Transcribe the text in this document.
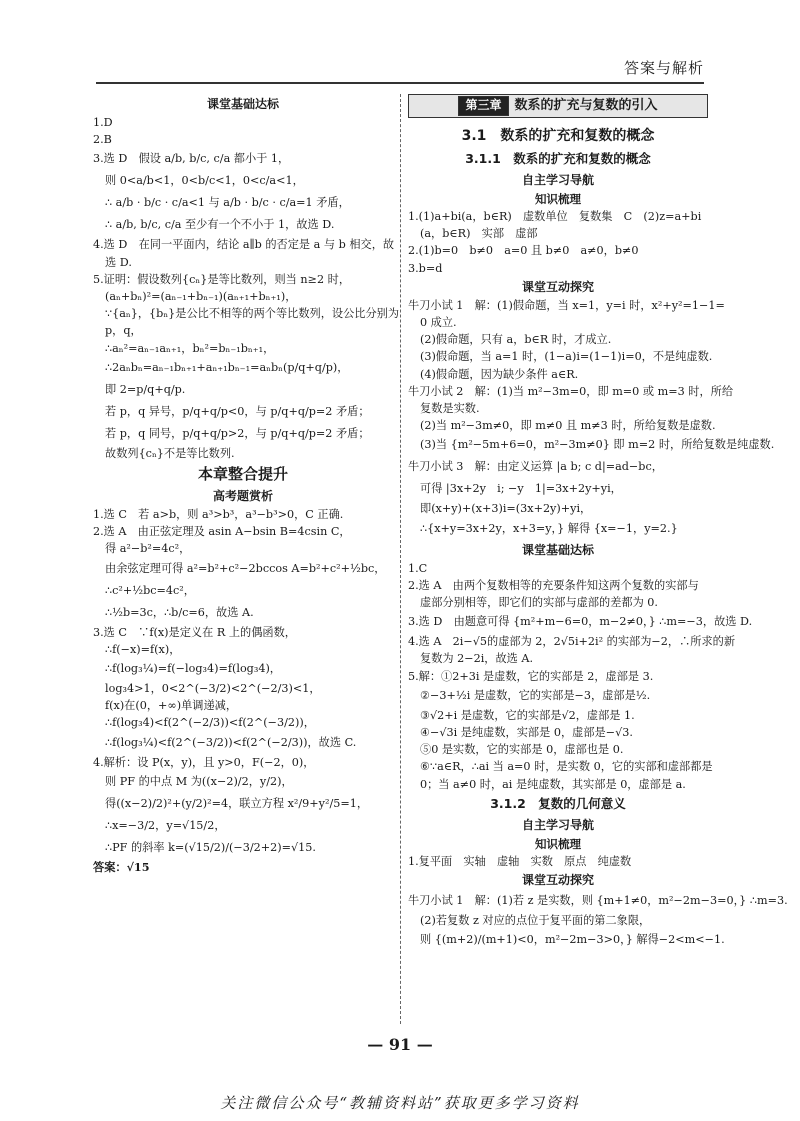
答案与解析
课堂基础达标
1.D
2.B
3.选 D　假设 a/b, b/c, c/a 都小于 1，
则 0<a/b<1，0<b/c<1，0<c/a<1，
∴ a/b · b/c · c/a<1 与 a/b · b/c · c/a=1 矛盾，
∴ a/b, b/c, c/a 至少有一个不小于 1，故选 D.
4.选 D　在同一平面内，结论 a∥b 的否定是 a 与 b 相交，故
选 D.
5.证明：假设数列{cₙ}是等比数列，则当 n≥2 时，
(aₙ+bₙ)²=(aₙ₋₁+bₙ₋₁)(aₙ₊₁+bₙ₊₁)，
∵{aₙ}，{bₙ}是公比不相等的两个等比数列，设公比分别为
p，q，
∴aₙ²=aₙ₋₁aₙ₊₁，bₙ²=bₙ₋₁bₙ₊₁，
∴2aₙbₙ=aₙ₋₁bₙ₊₁+aₙ₊₁bₙ₋₁=aₙbₙ(p/q+q/p)，
即 2=p/q+q/p.
若 p，q 异号，p/q+q/p<0，与 p/q+q/p=2 矛盾；
若 p，q 同号，p/q+q/p>2，与 p/q+q/p=2 矛盾；
故数列{cₙ}不是等比数列.
本章整合提升
高考题赏析
1.选 C　若 a>b，则 a³>b³，a³−b³>0，C 正确.
2.选 A　由正弦定理及 asin A−bsin B=4csin C，
得 a²−b²=4c²，
由余弦定理可得 a²=b²+c²−2bccos A=b²+c²+½bc，
∴c²+½bc=4c²，
∴½b=3c，∴b/c=6，故选 A.
3.选 C　∵f(x)是定义在 R 上的偶函数，
∴f(−x)=f(x)，
∴f(log₃¼)=f(−log₃4)=f(log₃4)，
log₃4>1，0<2^(−3/2)<2^(−2/3)<1，
f(x)在(0，+∞)单调递减，
∴f(log₃4)<f(2^(−2/3))<f(2^(−3/2))，
∴f(log₃¼)<f(2^(−3/2))<f(2^(−2/3))，故选 C.
4.解析：设 P(x，y)，且 y>0，F(−2，0)，
则 PF 的中点 M 为((x−2)/2，y/2)，
得((x−2)/2)²+(y/2)²=4，联立方程 x²/9+y²/5=1，
∴x=−3/2，y=√15/2，
∴PF 的斜率 k=(√15/2)/(−3/2+2)=√15.
答案：√15
第三章	数系的扩充与复数的引入
3.1　数系的扩充和复数的概念
3.1.1　数系的扩充和复数的概念
自主学习导航
知识梳理
1.(1)a+bi(a，b∈R)　虚数单位　复数集　C　(2)z=a+bi
(a，b∈R)　实部　虚部
2.(1)b=0　b≠0　a=0 且 b≠0　a≠0，b≠0
3.b=d
课堂互动探究
牛刀小试 1　解：(1)假命题，当 x=1，y=i 时，x²+y²=1−1=
0 成立.
(2)假命题，只有 a，b∈R 时，才成立.
(3)假命题，当 a=1 时，(1−a)i=(1−1)i=0，不是纯虚数.
(4)假命题，因为缺少条件 a∈R.
牛刀小试 2　解：(1)当 m²−3m=0，即 m=0 或 m=3 时，所给
复数是实数.
(2)当 m²−3m≠0，即 m≠0 且 m≠3 时，所给复数是虚数.
(3)当 {m²−5m+6=0，m²−3m≠0} 即 m=2 时，所给复数是纯虚数.
牛刀小试 3　解：由定义运算 |a b; c d|=ad−bc，
可得 |3x+2y　i; −y　1|=3x+2y+yi，
即(x+y)+(x+3)i=(3x+2y)+yi，
∴{x+y=3x+2y，x+3=y，} 解得 {x=−1，y=2.}
课堂基础达标
1.C
2.选 A　由两个复数相等的充要条件知这两个复数的实部与
虚部分别相等，即它们的实部与虚部的差都为 0.
3.选 D　由题意可得 {m²+m−6=0，m−2≠0，} ∴m=−3，故选 D.
4.选 A　2i−√5的虚部为 2，2√5i+2i² 的实部为−2，∴所求的新
复数为 2−2i，故选 A.
5.解：①2+3i 是虚数，它的实部是 2，虚部是 3.
②−3+½i 是虚数，它的实部是−3，虚部是½.
③√2+i 是虚数，它的实部是√2，虚部是 1.
④−√3i 是纯虚数，实部是 0，虚部是−√3.
⑤0 是实数，它的实部是 0，虚部也是 0.
⑥∵a∈R，∴ai 当 a=0 时，是实数 0，它的实部和虚部都是
0；当 a≠0 时，ai 是纯虚数，其实部是 0，虚部是 a.
3.1.2　复数的几何意义
自主学习导航
知识梳理
1.复平面　实轴　虚轴　实数　原点　纯虚数
课堂互动探究
牛刀小试 1　解：(1)若 z 是实数，则 {m+1≠0，m²−2m−3=0，} ∴m=3.
(2)若复数 z 对应的点位于复平面的第二象限，
则 {(m+2)/(m+1)<0，m²−2m−3>0，} 解得−2<m<−1.
— 91 —
关注微信公众号“教辅资料站”获取更多学习资料
